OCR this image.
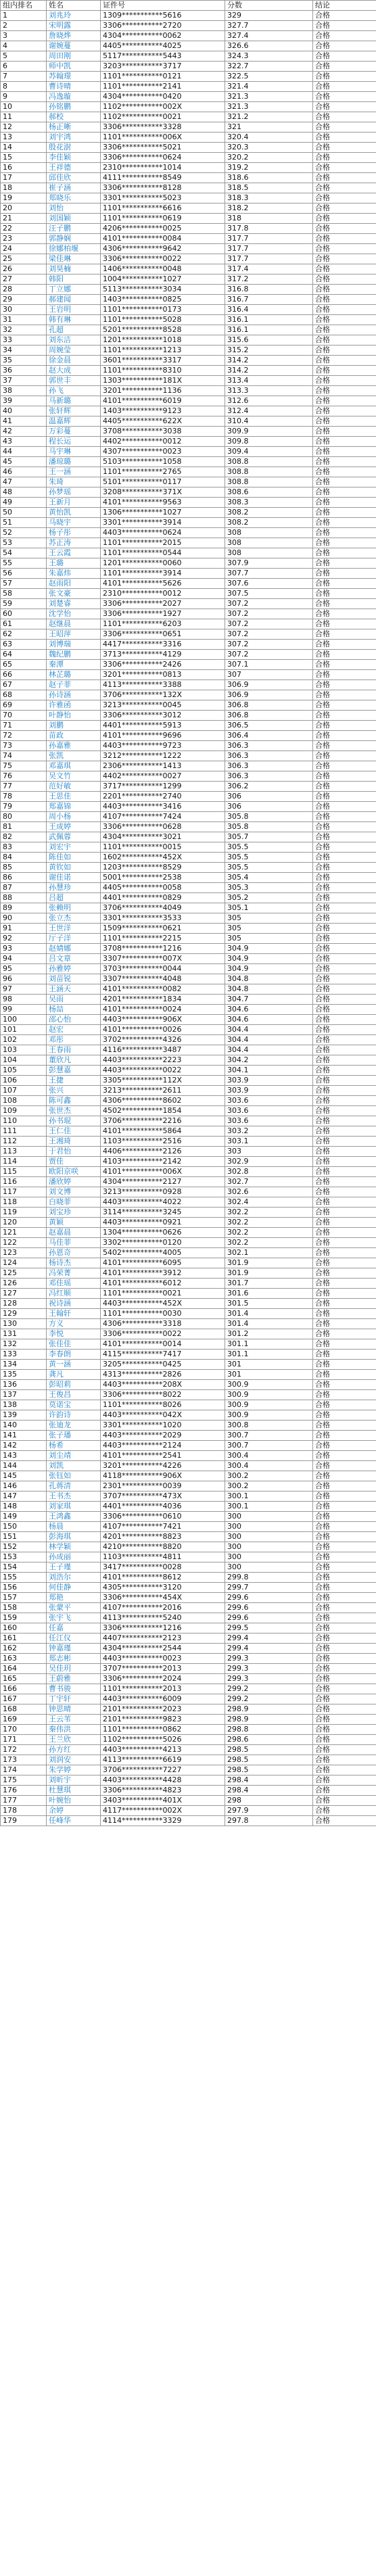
组内排名	姓名	证件号	分数	结论
1	刘兆玲	1309***********5616	329	合格
2	宋明露	3306***********2720	327.7	合格
3	詹晓烨	4304***********0062	327.4	合格
4	谢婉蔓	4405***********4025	326.6	合格
5	周田刚	5117***********5443	324.3	合格
6	师中凯	3203***********3717	322.7	合格
7	苏翰璟	1101***********0121	322.5	合格
8	曹诗晴	1101***********2141	321.4	合格
9	冯逸璇	4304***********0420	321.3	合格
10	孙铭鹏	1102***********002X	321.3	合格
11	郝校	1102***********0021	321.2	合格
12	杨正晰	3306***********3328	321	合格
13	刘宇鸿	1101***********006X	320.4	合格
14	殷花澍	3306***********5021	320.3	合格
15	李佳颖	3306***********0624	320.2	合格
16	王祥德	2310***********1014	319.2	合格
17	邱佳欣	4111***********8549	318.6	合格
18	崔子涵	3306***********8128	318.5	合格
19	郑晓乐	3301***********5023	318.3	合格
20	刘怡	1101***********6616	318.2	合格
21	刘国颖	1101***********0619	318	合格
22	汪子鹏	4206***********0025	317.8	合格
23	郭静娴	4101***********0084	317.7	合格
24	徐娜柏堰	4306***********9642	317.7	合格
25	梁佳琳	3306***********0022	317.7	合格
26	刘昊楠	1406***********0048	317.4	合格
27	韩阳	1004***********1027	317.2	合格
28	丁立娜	5113***********3034	316.8	合格
29	郝建闻	1403***********0825	316.7	合格
30	王岩明	1101***********0173	316.4	合格
31	韩有琳	1101***********5028	316.1	合格
32	孔超	5201***********8528	316.1	合格
33	刘东洁	1201***********1018	315.6	合格
34	周婉莹	1101***********1213	315.2	合格
35	徐金晨	3601***********3317	314.2	合格
36	赵大成	1101***********8310	314.2	合格
37	郭世丰	1303***********181X	313.4	合格
38	孙飞	3201***********1136	313.3	合格
39	马新璐	4101***********6019	312.6	合格
40	张轩辉	1403***********9123	312.4	合格
41	温嘉辉	4405***********622X	310.4	合格
42	万彩蔓	3708***********3038	309.9	合格
43	程长运	4402***********0012	309.8	合格
44	马宇琳	4307***********0023	309.4	合格
45	潘琼璐	5103***********1058	308.8	合格
46	王一涵	1101***********2765	308.8	合格
47	朱琦	5101***********0117	308.8	合格
48	孙梦瑶	3208***********371X	308.6	合格
49	王新月	4101***********9563	308.3	合格
50	黄怡凯	1306***********1027	308.2	合格
51	马晓宇	3301***********3914	308.2	合格
52	杨子彤	4403***********0624	308	合格
53	苏正涛	1101***********2015	308	合格
54	王云霞	1101***********0544	308	合格
55	王璐	1201***********0060	307.9	合格
56	朱嘉炜	1101***********3914	307.7	合格
57	赵雨阳	4101***********5626	307.6	合格
58	张文豪	2310***********0012	307.5	合格
59	刘楚睿	3306***********2027	307.2	合格
60	沈学怡	3306***********1927	307.2	合格
61	赵继晨	1101***********6203	307.2	合格
62	王昭萍	3306***********0651	307.2	合格
63	刘博瑞	4417***********3316	307.2	合格
64	魏纪鹏	3713***********4129	307.2	合格
65	秦潭	3306***********2426	307.1	合格
66	林芷璐	3201***********0813	307	合格
67	赵子菲	4113***********3388	306.9	合格
68	孙诗涵	3706***********132X	306.9	合格
69	许雅函	3213***********0045	306.8	合格
70	叶静怡	3306***********3012	306.8	合格
71	刘鹏	4401***********5913	306.5	合格
72	苗政	4101***********9696	306.4	合格
73	孙嘉雅	4403***********9723	306.3	合格
74	张凯	3212***********1222	306.3	合格
75	邓嘉琪	2306***********1413	306.3	合格
76	吴文竹	4402***********0027	306.3	合格
77	范好敏	3717***********1299	306.2	合格
78	王思佳	2201***********2740	306	合格
79	郑嘉锦	4403***********3416	306	合格
80	周小杨	4107***********7424	305.8	合格
81	王成婷	3306***********0628	305.8	合格
82	武佩蓉	4304***********3021	305.7	合格
83	刘宏宇	1101***********0015	305.5	合格
84	陈佳如	1602***********452X	305.5	合格
85	黄钦如	1203***********8529	305.5	合格
86	谢佳诺	5001***********2538	305.4	合格
87	孙慧珍	4405***********0058	305.3	合格
88	吕超	4401***********0829	305.2	合格
89	张赖明	3706***********4049	305.1	合格
90	张立杰	3301***********3533	305	合格
91	王世洋	1509***********0621	305	合格
92	厅子洋	1101***********2215	305	合格
93	赵婧娜	3708***********1216	304.9	合格
94	吕文章	3307***********007X	304.9	合格
95	孙雅婷	3703***********0044	304.9	合格
96	刘苗锐	3307***********4048	304.8	合格
97	王涵天	4101***********0082	304.8	合格
98	吴雨	4201***********1834	304.7	合格
99	杨喆	4101***********0024	304.6	合格
100	邵心怡	4403***********906X	304.6	合格
101	赵宏	4101***********0026	304.4	合格
102	邓彤	3702***********4326	304.4	合格
103	王春雨	4116***********3487	304.4	合格
104	董欣凡	4403***********2223	304.2	合格
105	彭慧嘉	4403***********0022	304.1	合格
106	王捷	3305***********112X	303.9	合格
107	张兴	3213***********2611	303.9	合格
108	陈可鑫	4306***********8602	303.6	合格
109	张世杰	4502***********1854	303.6	合格
110	孙书琨	3706***********2216	303.6	合格
111	王仁佳	4101***********5864	303.2	合格
112	王湘琦	1103***********2516	303.1	合格
113	于君怡	4406***********2126	303	合格
114	贾佳	4103***********2142	302.9	合格
115	欧阳京咲	4101***********006X	302.8	合格
116	潘欣婷	4304***********2127	302.7	合格
117	刘文博	3213***********0928	302.6	合格
118	白晓菲	4403***********4022	302.4	合格
119	刘宝珍	3114***********3245	302.2	合格
120	黄颖	4403***********0921	302.2	合格
121	赵嘉晨	1304***********0626	302.2	合格
122	马佳菲	3302***********0120	302.2	合格
123	孙恩奇	5402***********4005	302.1	合格
124	杨诗杰	4101***********6095	301.9	合格
125	冯荣菁	4101***********3912	301.9	合格
126	邓佳瑶	4101***********6012	301.7	合格
127	冯红顺	1101***********0021	301.6	合格
128	祝诗涵	4403***********452X	301.5	合格
129	王翰轩	1101***********0030	301.4	合格
130	方义	4306***********3318	301.4	合格
131	李悦	3306***********0022	301.2	合格
132	张佳佳	4101***********0014	301.1	合格
133	李春朗	4115***********7417	301.1	合格
134	黄一涵	3205***********0425	301	合格
135	龚凡	4313***********2826	301	合格
136	彭昭莉	4403***********208X	300.9	合格
137	王俊昌	3306***********8022	300.9	合格
138	莫诺宝	1101***********8026	300.9	合格
139	许韵诗	4403***********042X	300.9	合格
140	张迪龙	3301***********1020	300.8	合格
141	张子璠	4403***********2029	300.7	合格
142	杨希	4403***********2124	300.7	合格
143	刘尘靖	4101***********2541	300.4	合格
144	刘凯	3201***********4226	300.4	合格
145	张钰如	4118***********906X	300.2	合格
146	孔蒋清	2301***********0039	300.2	合格
147	王书杰	3707***********473X	300.1	合格
148	刘家琪	4401***********4036	300.1	合格
149	王鸿鑫	3306***********0610	300	合格
150	杨晨	4107***********7421	300	合格
151	彭海琪	4201***********8823	300	合格
152	林学颖	4210***********8820	300	合格
153	孙成丽	1103***********4811	300	合格
154	王子瑾	3417***********0028	300	合格
155	刘浩尔	4101***********8612	299.8	合格
156	何佳静	4305***********3120	299.7	合格
157	郑艳	3306***********454X	299.6	合格
158	张蒙平	4107***********2016	299.6	合格
159	张宇飞	4113***********5240	299.6	合格
160	任嘉	3306***********1216	299.5	合格
161	任江仪	4407***********2123	299.4	合格
162	钟嘉瑾	4304***********2544	299.4	合格
163	郑志彬	4403***********0023	299.3	合格
164	吴佳玥	3707***********2013	299.3	合格
165	王蔚雅	3306***********2024	299.3	合格
166	曹书骏	1101***********2013	299.2	合格
167	丁宇轩	4403***********6009	299.2	合格
168	钟思晴	2101***********2023	298.9	合格
169	王云苇	2101***********9823	298.9	合格
170	秦伟洪	1101***********0862	298.8	合格
171	王兰欣	1102***********5026	298.6	合格
172	孙方红	4403***********4213	298.5	合格
173	刘润安	4113***********6619	298.5	合格
174	朱学婷	3706***********7227	298.5	合格
175	刘昕宇	4403***********4428	298.4	合格
176	杜慧琪	3306***********4823	298.4	合格
177	叶婉怡	3403***********401X	298	合格
178	余婷	4117***********002X	297.9	合格
179	任峰华	4114***********3329	297.8	合格
